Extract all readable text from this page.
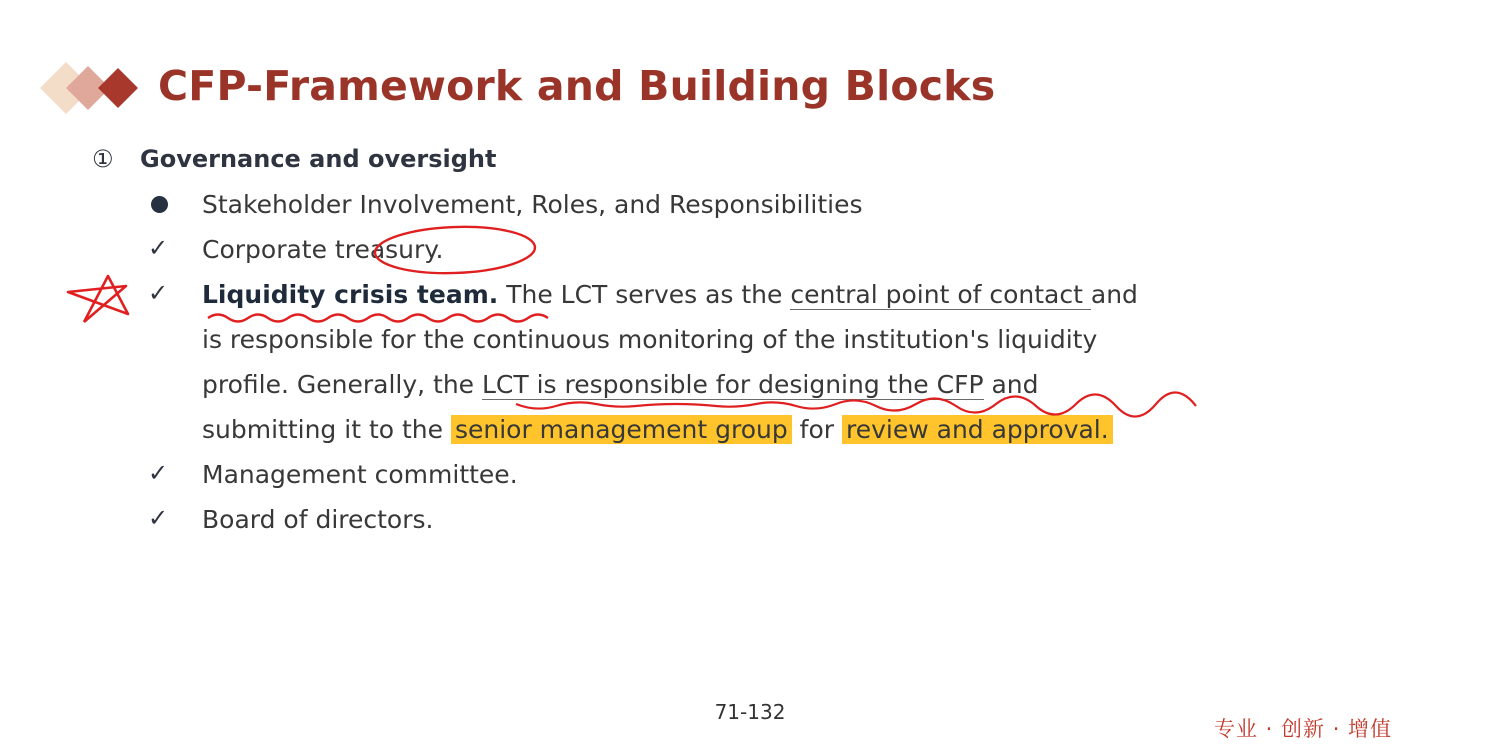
CFP-Framework and Building Blocks
① Governance and oversight
Stakeholder Involvement, Roles, and Responsibilities
✓ Corporate treasury.
✓ Liquidity crisis team. The LCT serves as the central point of contact and
is responsible for the continuous monitoring of the institution's liquidity
profile. Generally, the LCT is responsible for designing the CFP and
submitting it to the senior management group for review and approval.
✓ Management committee.
✓ Board of directors.
71-132
专业 · 创新 · 增值
